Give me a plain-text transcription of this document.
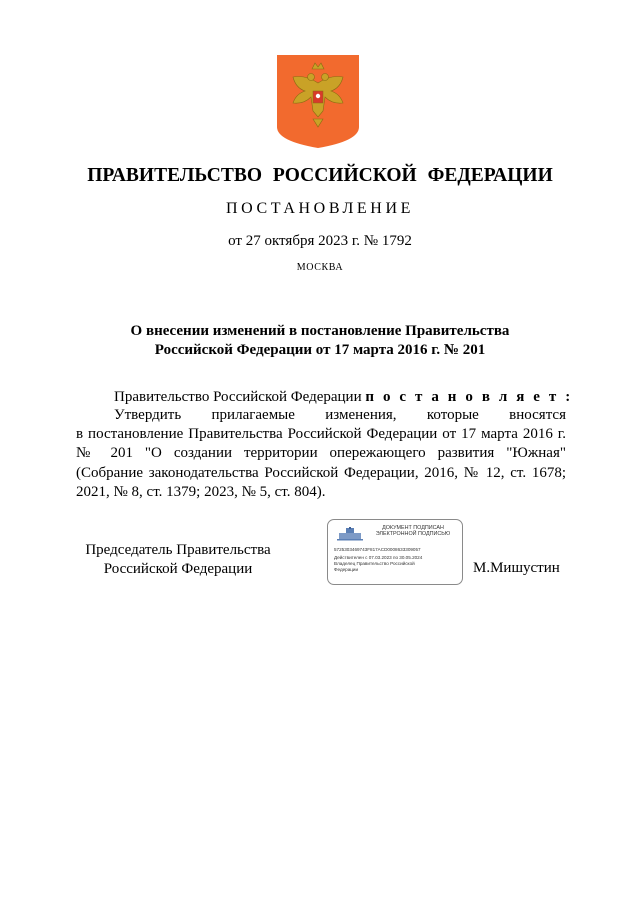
ПРАВИТЕЛЬСТВО РОССИЙСКОЙ ФЕДЕРАЦИИ
ПОСТАНОВЛЕНИЕ
от 27 октября 2023 г. № 1792
МОСКВА
О внесении изменений в постановление Правительства
Российской Федерации от 17 марта 2016 г. № 201
Правительство Российской Федерации п о с т а н о в л я е т :
Утвердить прилагаемые изменения, которые вносятся
в постановление Правительства Российской Федерации от 17 марта 2016 г.
№ 201 "О создании территории опережающего развития "Южная"
(Собрание законодательства Российской Федерации, 2016, № 12, ст. 1678;
2021, № 8, ст. 1379; 2023, № 5, ст. 804).
Председатель Правительства
Российской Федерации
ДОКУМЕНТ ПОДПИСАН
ЭЛЕКТРОННОЙ ПОДПИСЬЮ
5725303469743F817ACD0008633309057
Действителен с 07.03.2023 по 30.05.2024
Владелец Правительство Российской
Федерации	М.Мишустин
